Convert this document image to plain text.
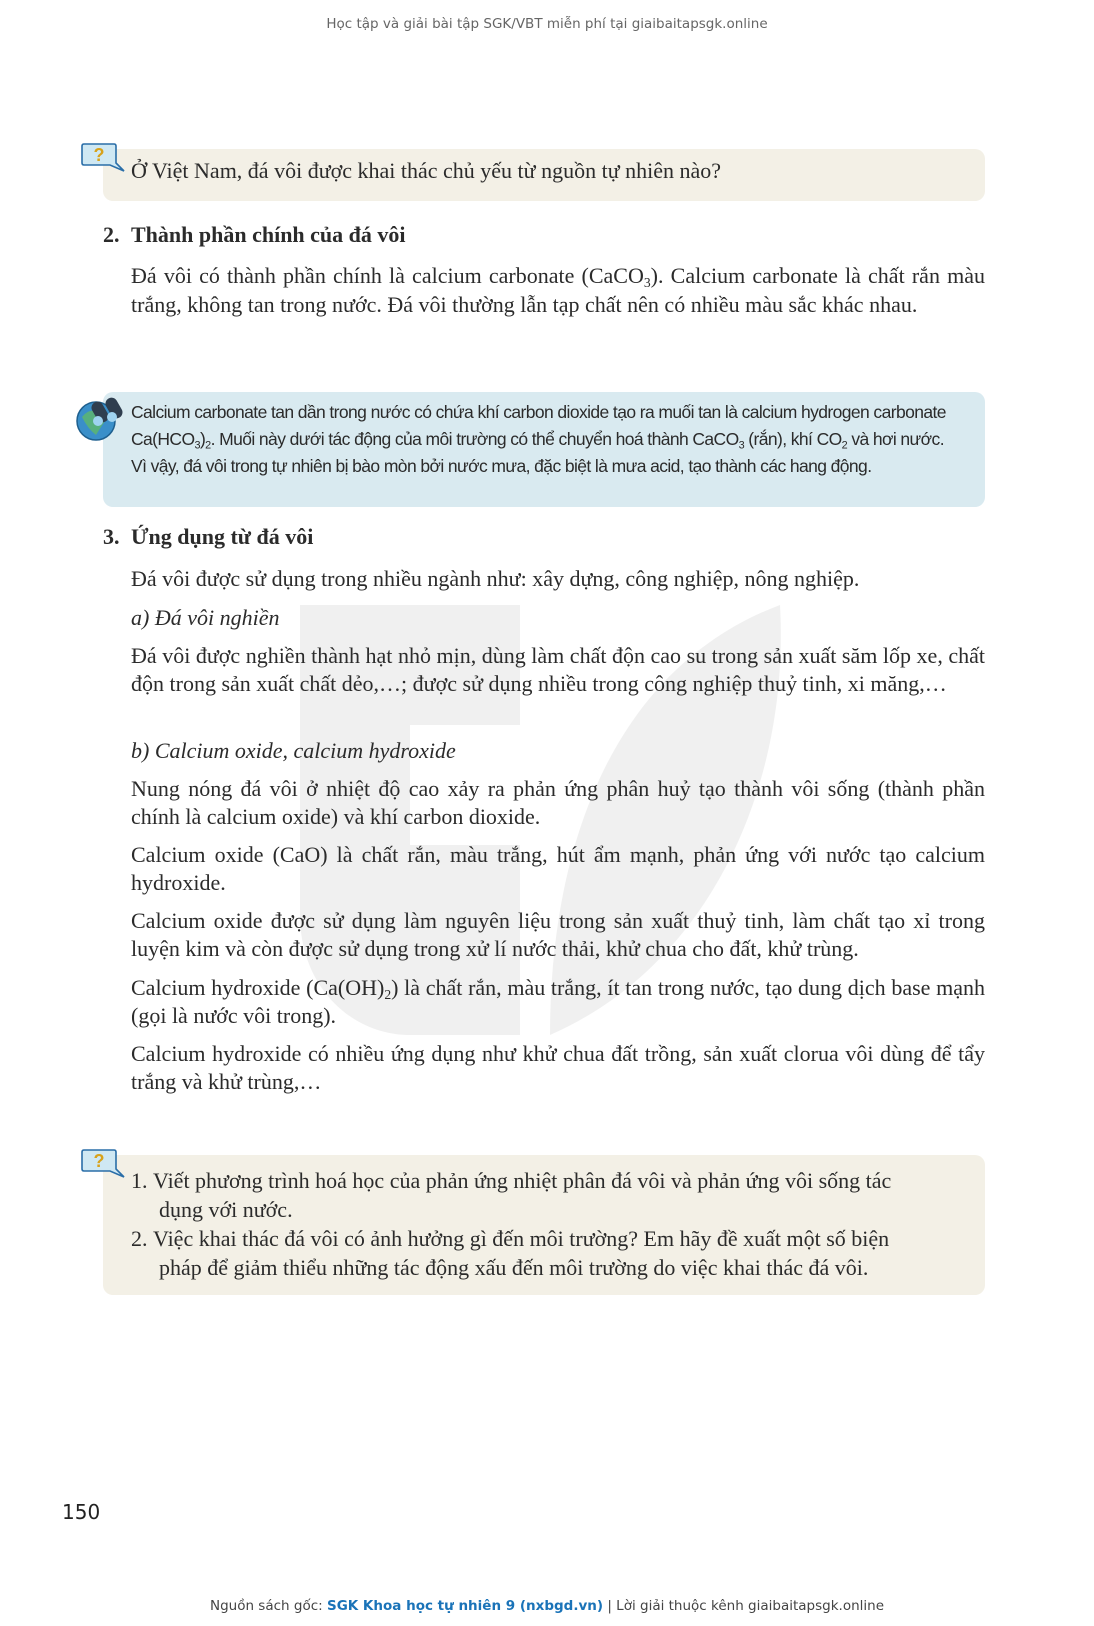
Học tập và giải bài tập SGK/VBT miễn phí tại giaibaitapsgk.online
Ở Việt Nam, đá vôi được khai thác chủ yếu từ nguồn tự nhiên nào?
?
2. Thành phần chính của đá vôi
Đá vôi có thành phần chính là calcium carbonate (CaCO$_3$). Calcium carbonate là chất rắn màu trắng, không tan trong nước. Đá vôi thường lẫn tạp chất nên có nhiều màu sắc khác nhau.
Calcium carbonate tan dần trong nước có chứa khí carbon dioxide tạo ra muối tan là calcium hydrogen carbonate
$Ca(HCO_3)_2$. Muối này dưới tác động của môi trường có thể chuyển hoá thành CaCO$_3$ (rắn), khí $CO_2$ và hơi nước.
Vì vậy, đá vôi trong tự nhiên bị bào mòn bởi nước mưa, đặc biệt là mưa acid, tạo thành các hang động.
3. Ứng dụng từ đá vôi
Đá vôi được sử dụng trong nhiều ngành như: xây dựng, công nghiệp, nông nghiệp.
a) Đá vôi nghiền
Đá vôi được nghiền thành hạt nhỏ mịn, dùng làm chất độn cao su trong sản xuất săm lốp xe, chất độn trong sản xuất chất dẻo,…; được sử dụng nhiều trong công nghiệp thuỷ tinh, xi măng,…
b) Calcium oxide, calcium hydroxide
Nung nóng đá vôi ở nhiệt độ cao xảy ra phản ứng phân huỷ tạo thành vôi sống (thành phần chính là calcium oxide) và khí carbon dioxide.
Calcium oxide (CaO) là chất rắn, màu trắng, hút ẩm mạnh, phản ứng với nước tạo calcium hydroxide.
Calcium oxide được sử dụng làm nguyên liệu trong sản xuất thuỷ tinh, làm chất tạo xỉ trong luyện kim và còn được sử dụng trong xử lí nước thải, khử chua cho đất, khử trùng.
Calcium hydroxide $(Ca(OH)_2)$ là chất rắn, màu trắng, ít tan trong nước, tạo dung dịch base mạnh (gọi là nước vôi trong).
Calcium hydroxide có nhiều ứng dụng như khử chua đất trồng, sản xuất clorua vôi dùng để tẩy trắng và khử trùng,…
1. Viết phương trình hoá học của phản ứng nhiệt phân đá vôi và phản ứng vôi sống tác
dụng với nước.
2. Việc khai thác đá vôi có ảnh hưởng gì đến môi trường? Em hãy đề xuất một số biện
pháp để giảm thiểu những tác động xấu đến môi trường do việc khai thác đá vôi.
?
150
Nguồn sách gốc: SGK Khoa học tự nhiên 9 (nxbgd.vn) | Lời giải thuộc kênh giaibaitapsgk.online
